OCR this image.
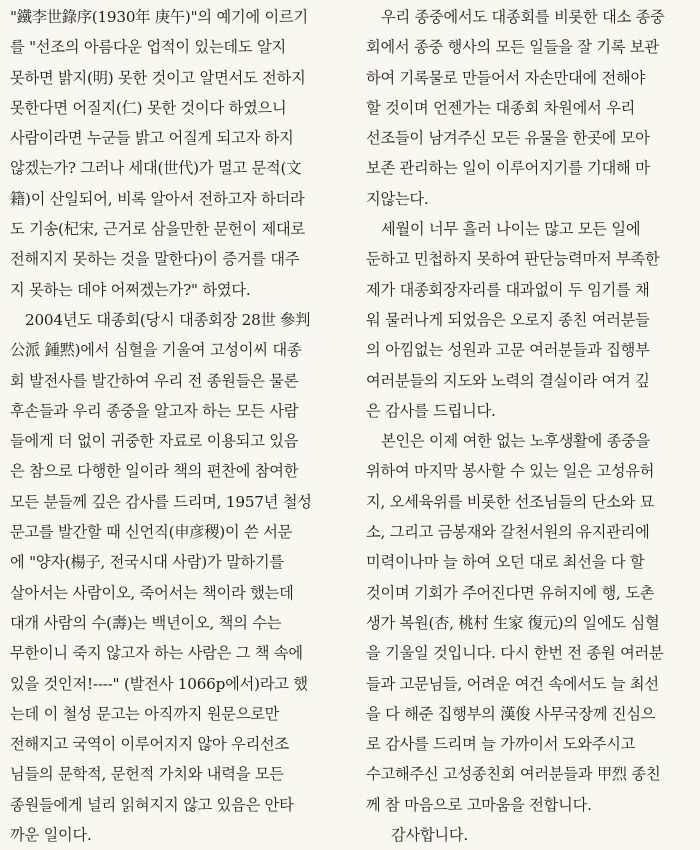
"鐵李世錄序(1930年 庚午)"의 예기에 이르기
를 "선조의 아름다운 업적이 있는데도 알지
못하면 밝지(明) 못한 것이고 알면서도 전하지
못한다면 어질지(仁) 못한 것이다 하였으니
사람이라면 누군들 밝고 어질게 되고자 하지
않겠는가? 그러나 세대(世代)가 멀고 문적(文
籍)이 산일되어, 비록 알아서 전하고자 하더라
도 기송(杞宋, 근거로 삼을만한 문헌이 제대로
전해지지 못하는 것을 말한다)이 증거를 대주
지 못하는 데야 어쩌겠는가?" 하였다.
2004년도 대종회(당시 대종회장 28世 參判
公派 鍾黙)에서 심혈을 기울여 고성이씨 대종
회 발전사를 발간하여 우리 전 종원들은 물론
후손들과 우리 종중을 알고자 하는 모든 사람
들에게 더 없이 귀중한 자료로 이용되고 있음
은 참으로 다행한 일이라 책의 편찬에 참여한
모든 분들께 깊은 감사를 드리며, 1957년 철성
문고를 발간할 때 신언직(申彦稷)이 쓴 서문
에 "양자(楊子, 전국시대 사람)가 말하기를
살아서는 사람이오, 죽어서는 책이라 했는데
대개 사람의 수(壽)는 백년이오, 책의 수는
무한이니 죽지 않고자 하는 사람은 그 책 속에
있을 것인저!----" (발전사 1066p에서)라고 했
는데 이 철성 문고는 아직까지 원문으로만
전해지고 국역이 이루어지지 않아 우리선조
님들의 문학적, 문헌적 가치와 내력을 모든
종원들에게 널리 읽혀지지 않고 있음은 안타
까운 일이다.
우리 종중에서도 대종회를 비롯한 대소 종중
회에서 종중 행사의 모든 일들을 잘 기록 보관
하여 기록물로 만들어서 자손만대에 전해야
할 것이며 언젠가는 대종회 차원에서 우리
선조들이 남겨주신 모든 유물을 한곳에 모아
보존 관리하는 일이 이루어지기를 기대해 마
지않는다.
세월이 너무 흘러 나이는 많고 모든 일에
둔하고 민첩하지 못하여 판단능력마저 부족한
제가 대종회장자리를 대과없이 두 임기를 채
워 물러나게 되었음은 오로지 종친 여러분들
의 아낌없는 성원과 고문 여러분들과 집행부
여러분들의 지도와 노력의 결실이라 여겨 깊
은 감사를 드립니다.
본인은 이제 여한 없는 노후생활에 종중을
위하여 마지막 봉사할 수 있는 일은 고성유허
지, 오세육위를 비롯한 선조님들의 단소와 묘
소, 그리고 금봉재와 갈천서원의 유지관리에
미력이나마 늘 하여 오던 대로 최선을 다 할
것이며 기회가 주어진다면 유허지에 행, 도촌
생가 복원(杏, 桃村 生家 復元)의 일에도 심혈
을 기울일 것입니다. 다시 한번 전 종원 여러분
들과 고문님들, 어려운 여건 속에서도 늘 최선
을 다 해준 집행부의 漢俊 사무국장께 진심으
로 감사를 드리며 늘 가까이서 도와주시고
수고해주신 고성종친회 여러분들과 甲烈 종친
께 참 마음으로 고마움을 전합니다.
감사합니다.
